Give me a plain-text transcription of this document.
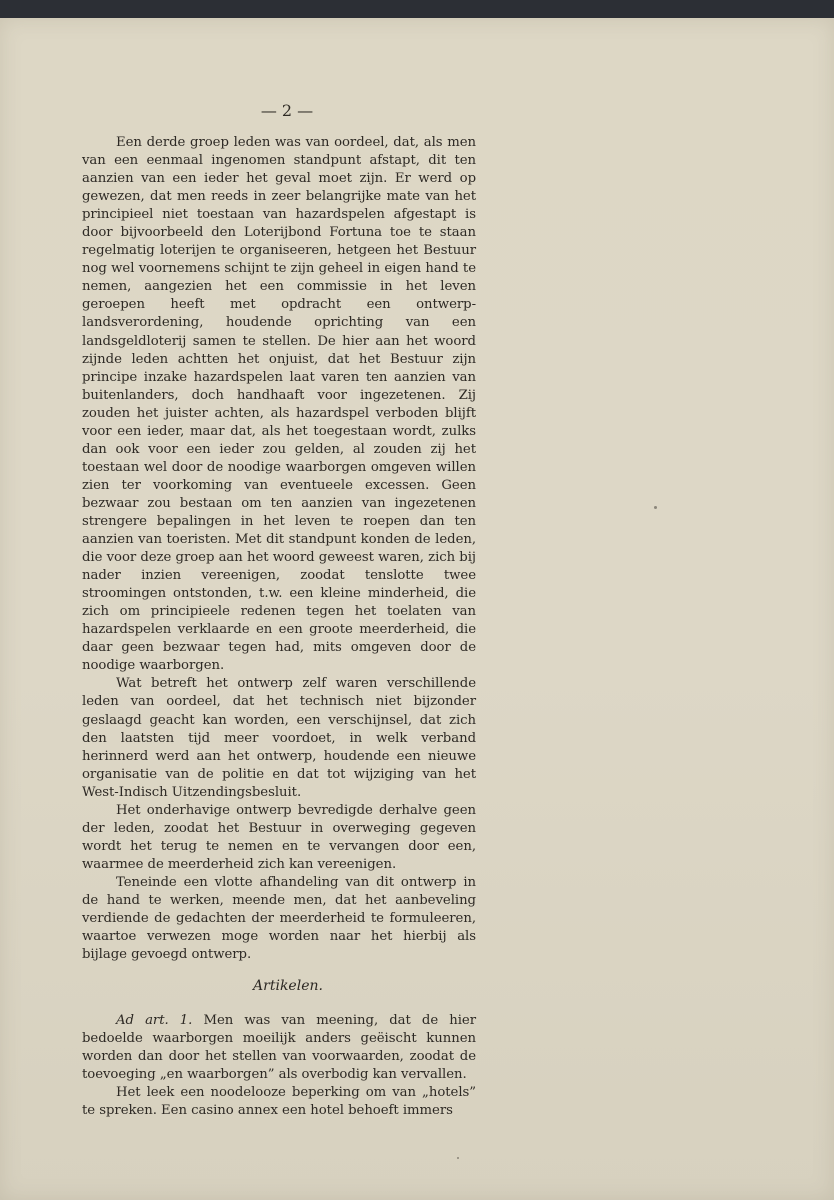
— 2 —

Een derde groep leden was van oordeel, dat, als men van een eenmaal ingenomen standpunt afstapt, dit ten aanzien van een ieder het geval moet zijn. Er werd op gewezen, dat men reeds in zeer belangrijke mate van het principieel niet toestaan van hazardspelen afgestapt is door bijvoorbeeld den Loterijbond Fortuna toe te staan regelmatig loterijen te organiseeren, hetgeen het Bestuur nog wel voornemens schijnt te zijn geheel in eigen hand te nemen, aangezien het een commissie in het leven geroepen heeft met opdracht een ontwerp-landsverordening, houdende oprichting van een landsgeldloterij samen te stellen. De hier aan het woord zijnde leden achtten het onjuist, dat het Bestuur zijn principe inzake hazardspelen laat varen ten aanzien van buitenlanders, doch handhaaft voor ingezetenen. Zij zouden het juister achten, als hazardspel verboden blijft voor een ieder, maar dat, als het toegestaan wordt, zulks dan ook voor een ieder zou gelden, al zouden zij het toestaan wel door de noodige waarborgen omgeven willen zien ter voorkoming van eventueele excessen. Geen bezwaar zou bestaan om ten aanzien van ingezetenen strengere bepalingen in het leven te roepen dan ten aanzien van toeristen. Met dit standpunt konden de leden, die voor deze groep aan het woord geweest waren, zich bij nader inzien vereenigen, zoodat tenslotte twee stroomingen ontstonden, t.w. een kleine minderheid, die zich om principieele redenen tegen het toelaten van hazardspelen verklaarde en een groote meerderheid, die daar geen bezwaar tegen had, mits omgeven door de noodige waarborgen.

Wat betreft het ontwerp zelf waren verschillende leden van oordeel, dat het technisch niet bijzonder geslaagd geacht kan worden, een verschijnsel, dat zich den laatsten tijd meer voordoet, in welk verband herinnerd werd aan het ontwerp, houdende een nieuwe organisatie van de politie en dat tot wijziging van het West-Indisch Uitzendingsbesluit.

Het onderhavige ontwerp bevredigde derhalve geen der leden, zoodat het Bestuur in overweging gegeven wordt het terug te nemen en te vervangen door een, waarmee de meerderheid zich kan vereenigen.

Teneinde een vlotte afhandeling van dit ontwerp in de hand te werken, meende men, dat het aanbeveling verdiende de gedachten der meerderheid te formuleeren, waartoe verwezen moge worden naar het hierbij als bijlage gevoegd ontwerp.

Artikelen.

Ad art. 1. Men was van meening, dat de hier bedoelde waarborgen moeilijk anders geëischt kunnen worden dan door het stellen van voorwaarden, zoodat de toevoeging „en waarborgen” als overbodig kan vervallen.

Het leek een noodelooze beperking om van „hotels” te spreken. Een casino annex een hotel behoeft immers
